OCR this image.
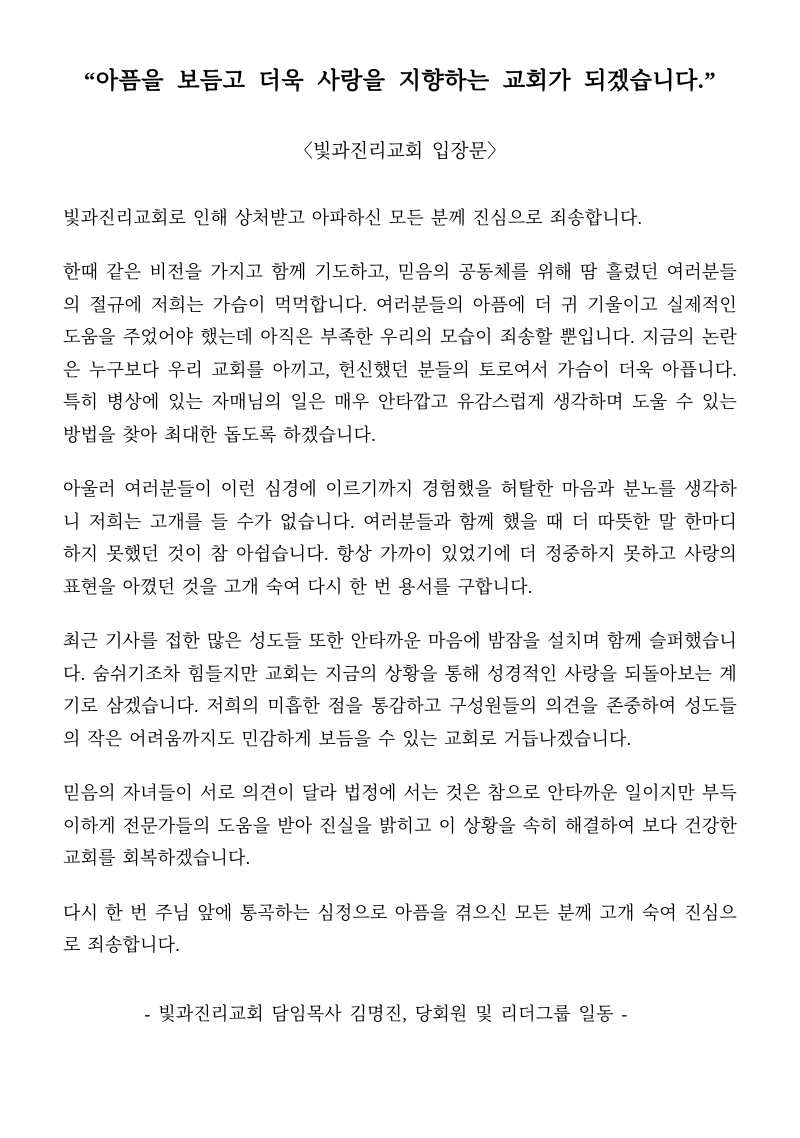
“아픔을 보듬고 더욱 사랑을 지향하는 교회가 되겠습니다.”
〈빛과진리교회 입장문〉

빛과진리교회로 인해 상처받고 아파하신 모든 분께 진심으로 죄송합니다.

한때 같은 비전을 가지고 함께 기도하고, 믿음의 공동체를 위해 땀 흘렸던 여러분들의 절규에 저희는 가슴이 먹먹합니다. 여러분들의 아픔에 더 귀 기울이고 실제적인 도움을 주었어야 했는데 아직은 부족한 우리의 모습이 죄송할 뿐입니다. 지금의 논란은 누구보다 우리 교회를 아끼고, 헌신했던 분들의 토로여서 가슴이 더욱 아픕니다. 특히 병상에 있는 자매님의 일은 매우 안타깝고 유감스럽게 생각하며 도울 수 있는 방법을 찾아 최대한 돕도록 하겠습니다.

아울러 여러분들이 이런 심경에 이르기까지 경험했을 허탈한 마음과 분노를 생각하니 저희는 고개를 들 수가 없습니다. 여러분들과 함께 했을 때 더 따뜻한 말 한마디 하지 못했던 것이 참 아쉽습니다. 항상 가까이 있었기에 더 정중하지 못하고 사랑의 표현을 아꼈던 것을 고개 숙여 다시 한 번 용서를 구합니다.

최근 기사를 접한 많은 성도들 또한 안타까운 마음에 밤잠을 설치며 함께 슬퍼했습니다. 숨쉬기조차 힘들지만 교회는 지금의 상황을 통해 성경적인 사랑을 되돌아보는 계기로 삼겠습니다. 저희의 미흡한 점을 통감하고 구성원들의 의견을 존중하여 성도들의 작은 어려움까지도 민감하게 보듬을 수 있는 교회로 거듭나겠습니다.

믿음의 자녀들이 서로 의견이 달라 법정에 서는 것은 참으로 안타까운 일이지만 부득이하게 전문가들의 도움을 받아 진실을 밝히고 이 상황을 속히 해결하여 보다 건강한 교회를 회복하겠습니다.

다시 한 번 주님 앞에 통곡하는 심정으로 아픔을 겪으신 모든 분께 고개 숙여 진심으로 죄송합니다.

- 빛과진리교회 담임목사 김명진, 당회원 및 리더그룹 일동 -
